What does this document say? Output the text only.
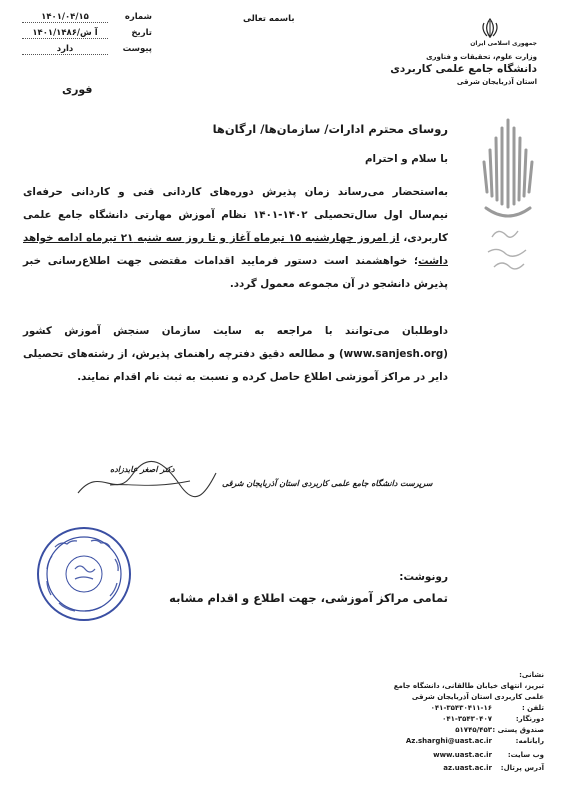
شماره
۱۴۰۱/۰۴/۱۵
تاریخ
۱۴۰۱/۱۴۸۶/آ ش
پیوست
دارد
باسمه تعالی
فوری
جمهوری اسلامی ایران
وزارت علوم، تحقیقات و فناوری
دانشگاه جامع علمی کاربردی
استان آذربایجان شرقی
روسای محترم ادارات/ سازمان‌ها/ ارگان‌ها
با سلام و احترام
به‌استحضار می‌رساند زمان پذیرش دوره‌های کاردانی فنی و کاردانی حرفه‌ای نیم‌سال اول سال‌تحصیلی ۱۴۰۲-۱۴۰۱ نظام آموزش مهارتی دانشگاه جامع علمی کاربردی، از امروز چهارشنبه ۱۵ تیرماه آغاز و تا روز سه شنبه ۲۱ تیرماه ادامه خواهد داشت؛ خواهشمند است دستور فرمایید اقدامات مقتضی جهت اطلاع‌رسانی خبر پذیرش دانشجو در آن مجموعه معمول گردد.
داوطلبان می‌توانند با مراجعه به سایت سازمان سنجش آموزش کشور (www.sanjesh.org) و مطالعه دقیق دفترچه راهنمای پذیرش، از رشته‌های تحصیلی دایر در مراکز آموزشی اطلاع حاصل کرده و نسبت به ثبت نام اقدام نمایند.
دکتر اصغر عابدزاده
سرپرست دانشگاه جامع علمی کاربردی استان آذربایجان شرقی
رونوشت:
تمامی مراکز آموزشی، جهت اطلاع و اقدام مشابه
نشانی:
تبریز، انتهای خیابان طالقانی، دانشگاه جامع
علمی کاربردی استان آذربایجان شرقی
تلفن :
۰۴۱-۳۵۴۳۰۴۱۱-۱۶
دورنگار:
۰۴۱-۳۵۴۳۰۴۰۷
صندوق پستی :
۵۱۷۴۵/۴۵۳
رایانامه:
Az.sharghi@uast.ac.ir
وب سایت:
www.uast.ac.ir
آدرس پرتال:
az.uast.ac.ir
